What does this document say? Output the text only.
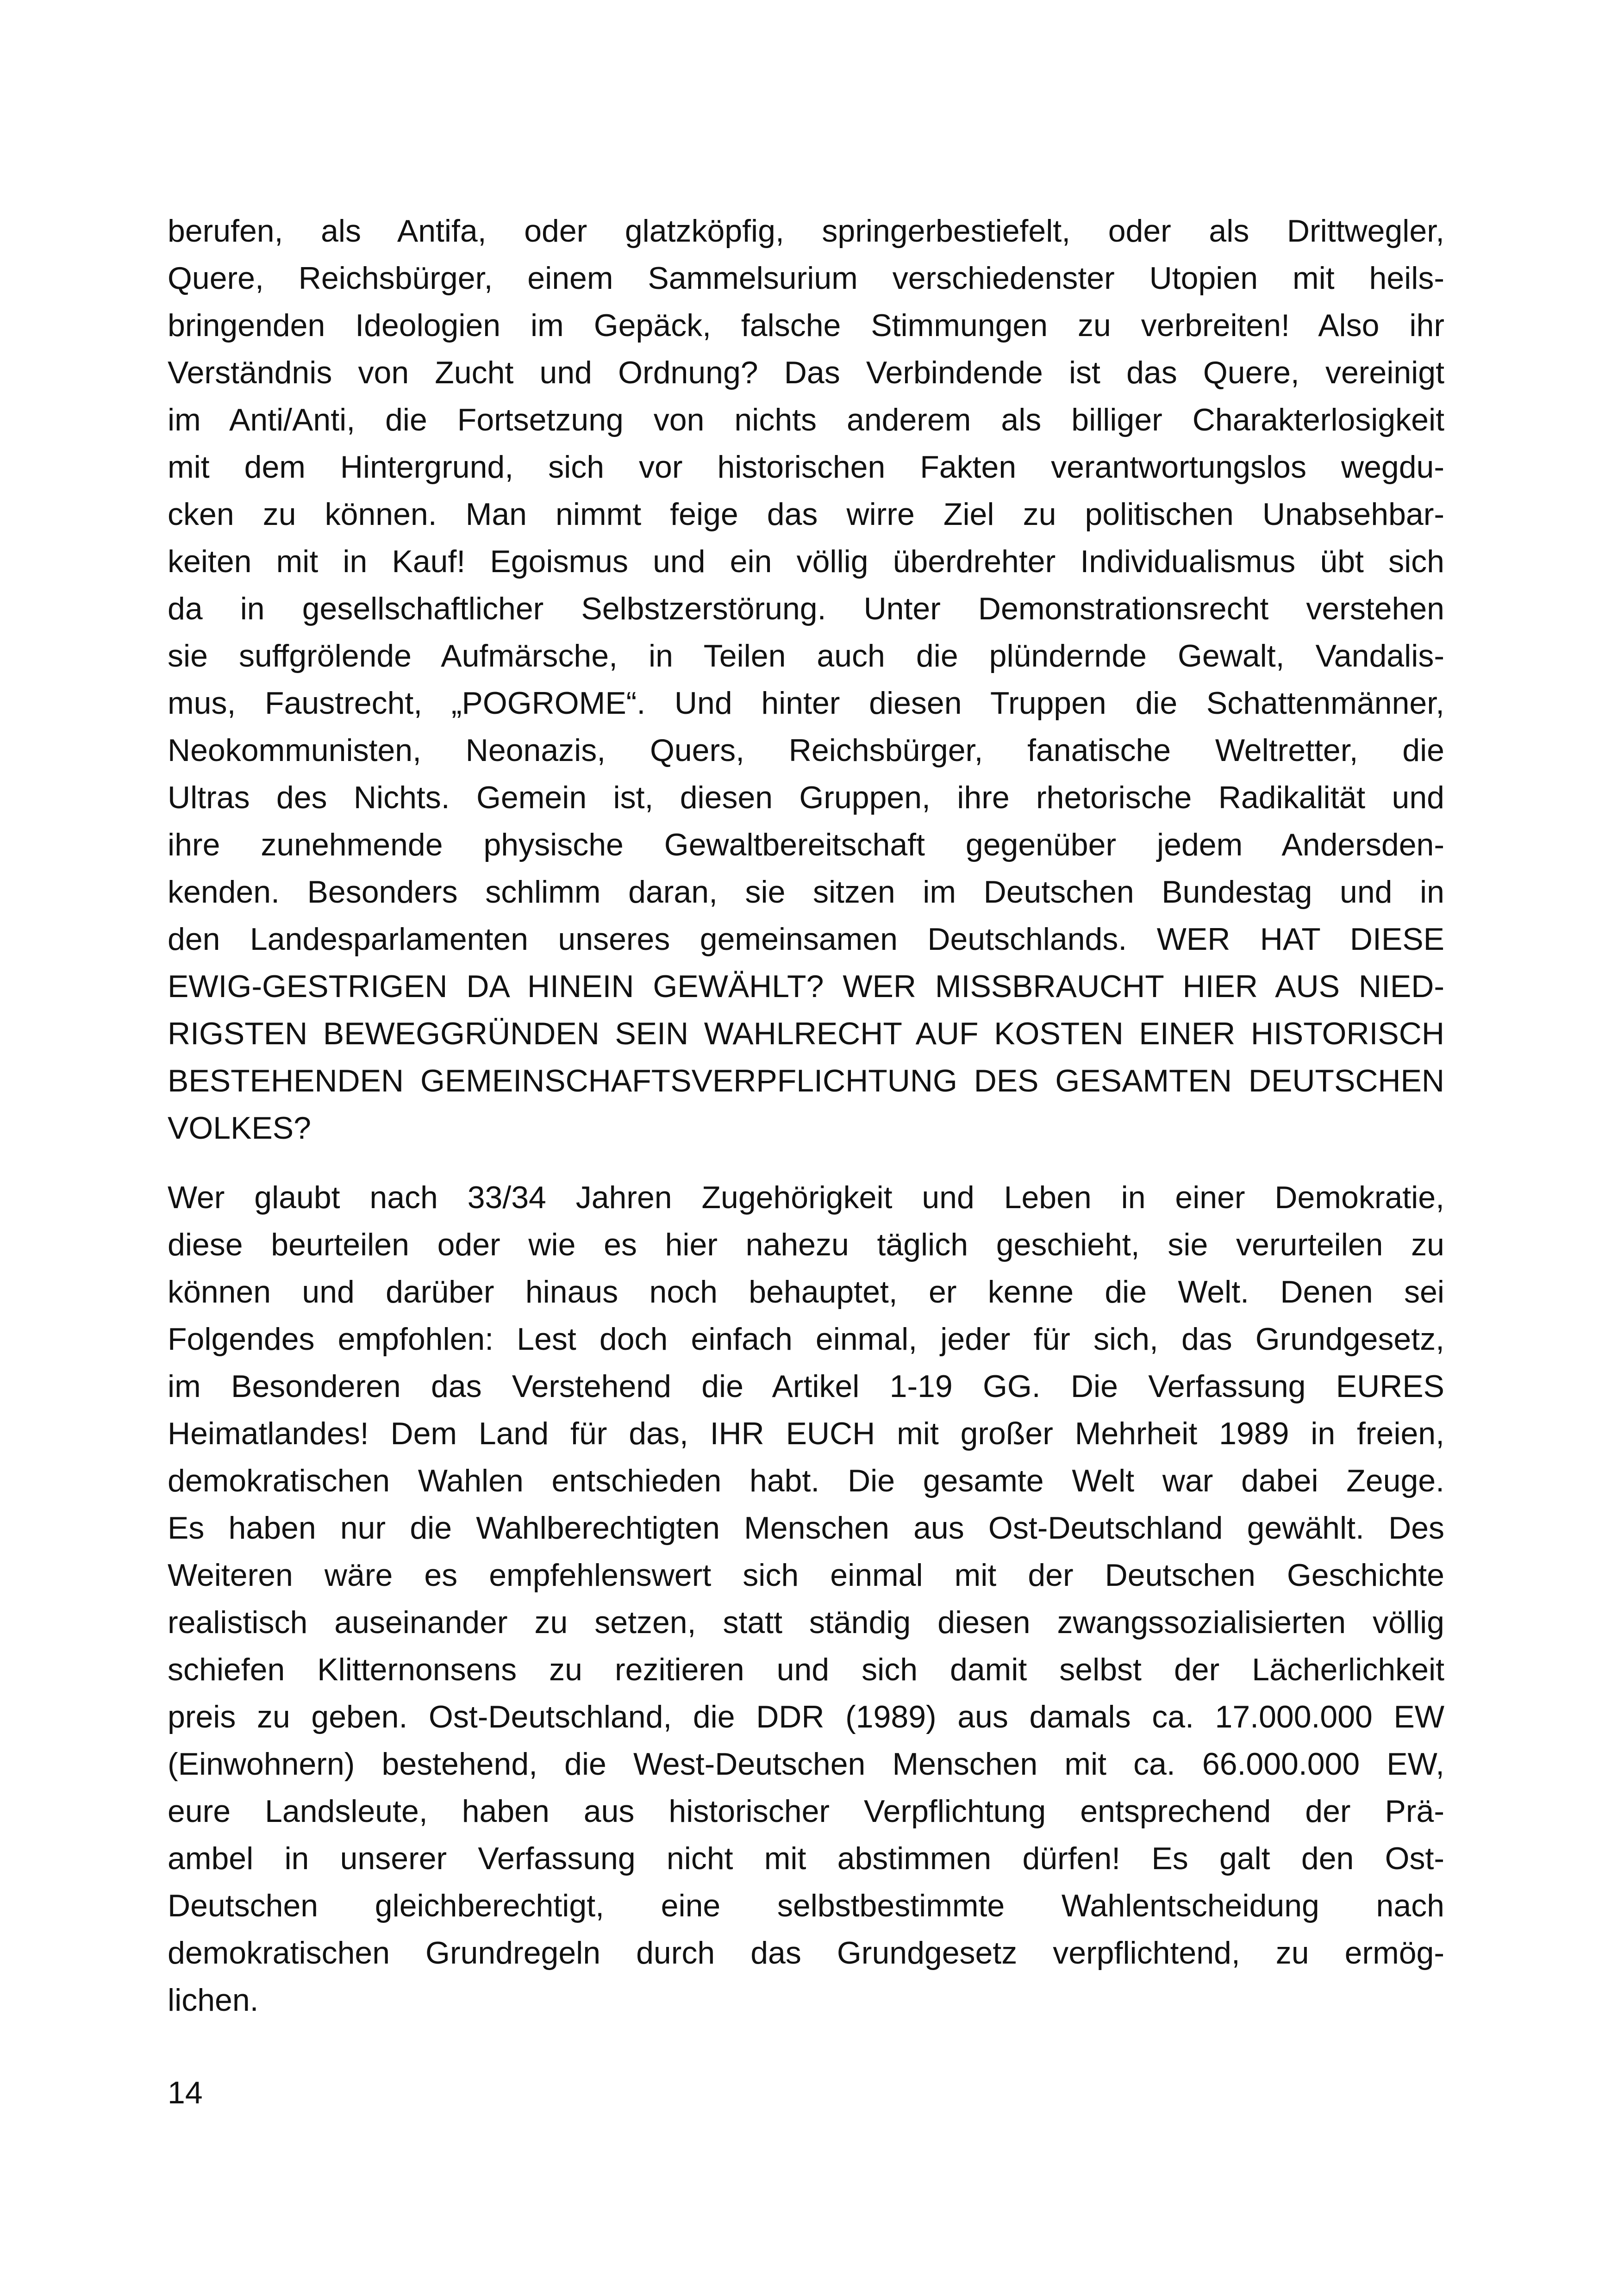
berufen, als Antifa, oder glatzköpfig, springerbestiefelt, oder als Drittwegler,
Quere, Reichsbürger, einem Sammelsurium verschiedenster Utopien mit heils-
bringenden Ideologien im Gepäck, falsche Stimmungen zu verbreiten! Also ihr
Verständnis von Zucht und Ordnung? Das Verbindende ist das Quere, vereinigt
im Anti/Anti, die Fortsetzung von nichts anderem als billiger Charakterlosigkeit
mit dem Hintergrund, sich vor historischen Fakten verantwortungslos wegdu-
cken zu können. Man nimmt feige das wirre Ziel zu politischen Unabsehbar-
keiten mit in Kauf! Egoismus und ein völlig überdrehter Individualismus übt sich
da in gesellschaftlicher Selbstzerstörung. Unter Demonstrationsrecht verstehen
sie suffgrölende Aufmärsche, in Teilen auch die plündernde Gewalt, Vandalis-
mus, Faustrecht, „POGROME“. Und hinter diesen Truppen die Schattenmänner,
Neokommunisten, Neonazis, Quers, Reichsbürger, fanatische Weltretter, die
Ultras des Nichts. Gemein ist, diesen Gruppen, ihre rhetorische Radikalität und
ihre zunehmende physische Gewaltbereitschaft gegenüber jedem Andersden-
kenden. Besonders schlimm daran, sie sitzen im Deutschen Bundestag und in
den Landesparlamenten unseres gemeinsamen Deutschlands. WER HAT DIESE
EWIG-GESTRIGEN DA HINEIN GEWÄHLT? WER MISSBRAUCHT HIER AUS NIED-
RIGSTEN BEWEGGRÜNDEN SEIN WAHLRECHT AUF KOSTEN EINER HISTORISCH
BESTEHENDEN GEMEINSCHAFTSVERPFLICHTUNG DES GESAMTEN DEUTSCHEN
VOLKES?

Wer glaubt nach 33/34 Jahren Zugehörigkeit und Leben in einer Demokratie,
diese beurteilen oder wie es hier nahezu täglich geschieht, sie verurteilen zu
können und darüber hinaus noch behauptet, er kenne die Welt. Denen sei
Folgendes empfohlen: Lest doch einfach einmal, jeder für sich, das Grundgesetz,
im Besonderen das Verstehend die Artikel 1-19 GG. Die Verfassung EURES
Heimatlandes! Dem Land für das, IHR EUCH mit großer Mehrheit 1989 in freien,
demokratischen Wahlen entschieden habt. Die gesamte Welt war dabei Zeuge.
Es haben nur die Wahlberechtigten Menschen aus Ost-Deutschland gewählt. Des
Weiteren wäre es empfehlenswert sich einmal mit der Deutschen Geschichte
realistisch auseinander zu setzen, statt ständig diesen zwangssozialisierten völlig
schiefen Klitternonsens zu rezitieren und sich damit selbst der Lächerlichkeit
preis zu geben. Ost-Deutschland, die DDR (1989) aus damals ca. 17.000.000 EW
(Einwohnern) bestehend, die West-Deutschen Menschen mit ca. 66.000.000 EW,
eure Landsleute, haben aus historischer Verpflichtung entsprechend der Prä-
ambel in unserer Verfassung nicht mit abstimmen dürfen! Es galt den Ost-
Deutschen gleichberechtigt, eine selbstbestimmte Wahlentscheidung nach
demokratischen Grundregeln durch das Grundgesetz verpflichtend, zu ermög-
lichen.

14
